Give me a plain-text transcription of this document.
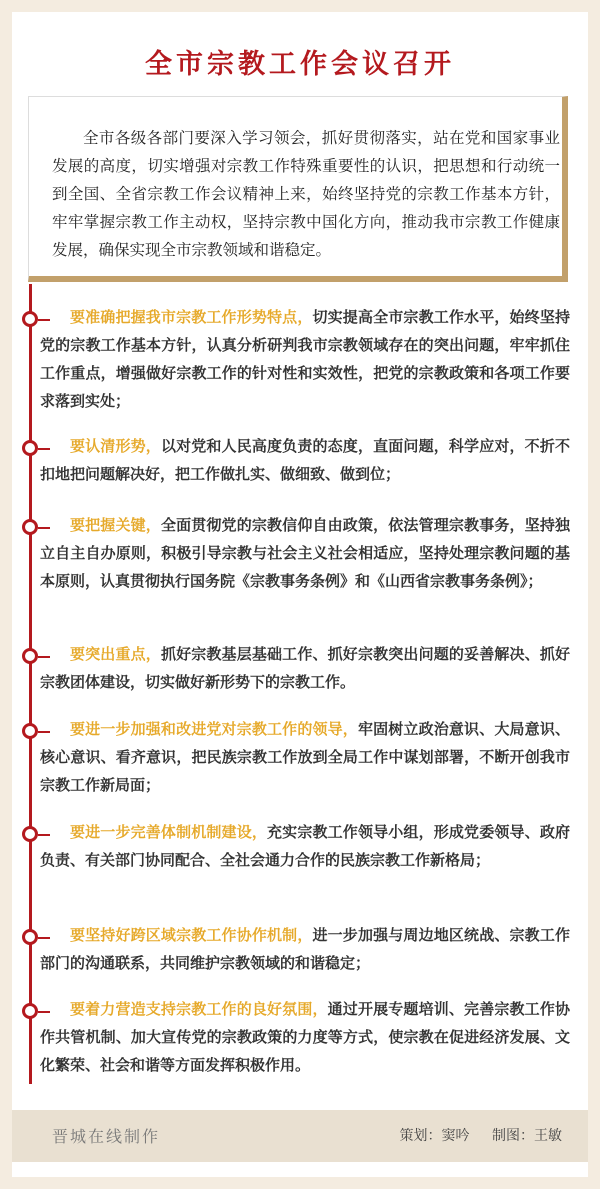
全市宗教工作会议召开

全市各级各部门要深入学习领会，抓好贯彻落实，站在党和国家事业发展的高度，切实增强对宗教工作特殊重要性的认识，把思想和行动统一到全国、全省宗教工作会议精神上来，始终坚持党的宗教工作基本方针，牢牢掌握宗教工作主动权，坚持宗教中国化方向，推动我市宗教工作健康发展，确保实现全市宗教领域和谐稳定。

要准确把握我市宗教工作形势特点，切实提高全市宗教工作水平，始终坚持党的宗教工作基本方针，认真分析研判我市宗教领域存在的突出问题，牢牢抓住工作重点，增强做好宗教工作的针对性和实效性，把党的宗教政策和各项工作要求落到实处；

要认清形势，以对党和人民高度负责的态度，直面问题，科学应对，不折不扣地把问题解决好，把工作做扎实、做细致、做到位；

要把握关键，全面贯彻党的宗教信仰自由政策，依法管理宗教事务，坚持独立自主自办原则，积极引导宗教与社会主义社会相适应，坚持处理宗教问题的基本原则，认真贯彻执行国务院《宗教事务条例》和《山西省宗教事务条例》；

要突出重点，抓好宗教基层基础工作、抓好宗教突出问题的妥善解决、抓好宗教团体建设，切实做好新形势下的宗教工作。

要进一步加强和改进党对宗教工作的领导，牢固树立政治意识、大局意识、核心意识、看齐意识，把民族宗教工作放到全局工作中谋划部署，不断开创我市宗教工作新局面；

要进一步完善体制机制建设，充实宗教工作领导小组，形成党委领导、政府负责、有关部门协同配合、全社会通力合作的民族宗教工作新格局；

要坚持好跨区域宗教工作协作机制，进一步加强与周边地区统战、宗教工作部门的沟通联系，共同维护宗教领域的和谐稳定；

要着力营造支持宗教工作的良好氛围，通过开展专题培训、完善宗教工作协作共管机制、加大宣传党的宗教政策的力度等方式，使宗教在促进经济发展、文化繁荣、社会和谐等方面发挥积极作用。

晋城在线制作	策划：窦吟 制图：王敏
